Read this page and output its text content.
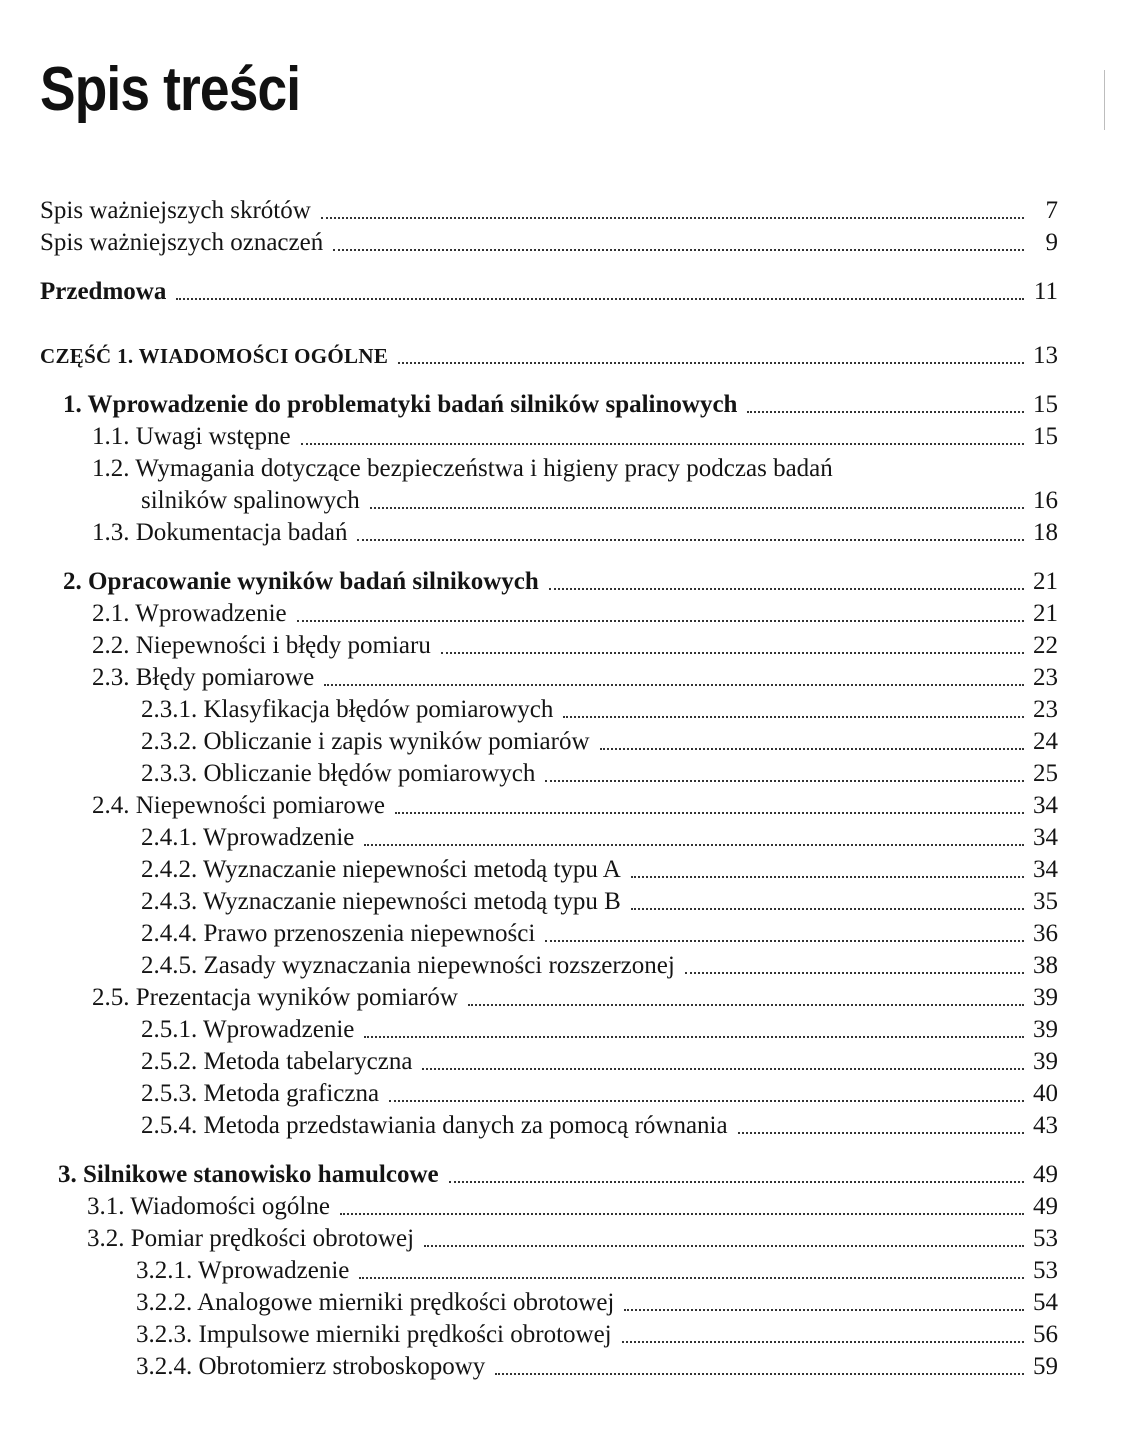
Spis treści
Spis ważniejszych skrótów	7
Spis ważniejszych oznaczeń	9
Przedmowa	11
CZĘŚĆ 1. WIADOMOŚCI OGÓLNE	13
1. Wprowadzenie do problematyki badań silników spalinowych	15
1.1. Uwagi wstępne	15
1.2. Wymagania dotyczące bezpieczeństwa i higieny pracy podczas badań
silników spalinowych	16
1.3. Dokumentacja badań	18
2. Opracowanie wyników badań silnikowych	21
2.1. Wprowadzenie	21
2.2. Niepewności i błędy pomiaru	22
2.3. Błędy pomiarowe	23
2.3.1. Klasyfikacja błędów pomiarowych	23
2.3.2. Obliczanie i zapis wyników pomiarów	24
2.3.3. Obliczanie błędów pomiarowych	25
2.4. Niepewności pomiarowe	34
2.4.1. Wprowadzenie	34
2.4.2. Wyznaczanie niepewności metodą typu A	34
2.4.3. Wyznaczanie niepewności metodą typu B	35
2.4.4. Prawo przenoszenia niepewności	36
2.4.5. Zasady wyznaczania niepewności rozszerzonej	38
2.5. Prezentacja wyników pomiarów	39
2.5.1. Wprowadzenie	39
2.5.2. Metoda tabelaryczna	39
2.5.3. Metoda graficzna	40
2.5.4. Metoda przedstawiania danych za pomocą równania	43
3. Silnikowe stanowisko hamulcowe	49
3.1. Wiadomości ogólne	49
3.2. Pomiar prędkości obrotowej	53
3.2.1. Wprowadzenie	53
3.2.2. Analogowe mierniki prędkości obrotowej	54
3.2.3. Impulsowe mierniki prędkości obrotowej	56
3.2.4. Obrotomierz stroboskopowy	59
